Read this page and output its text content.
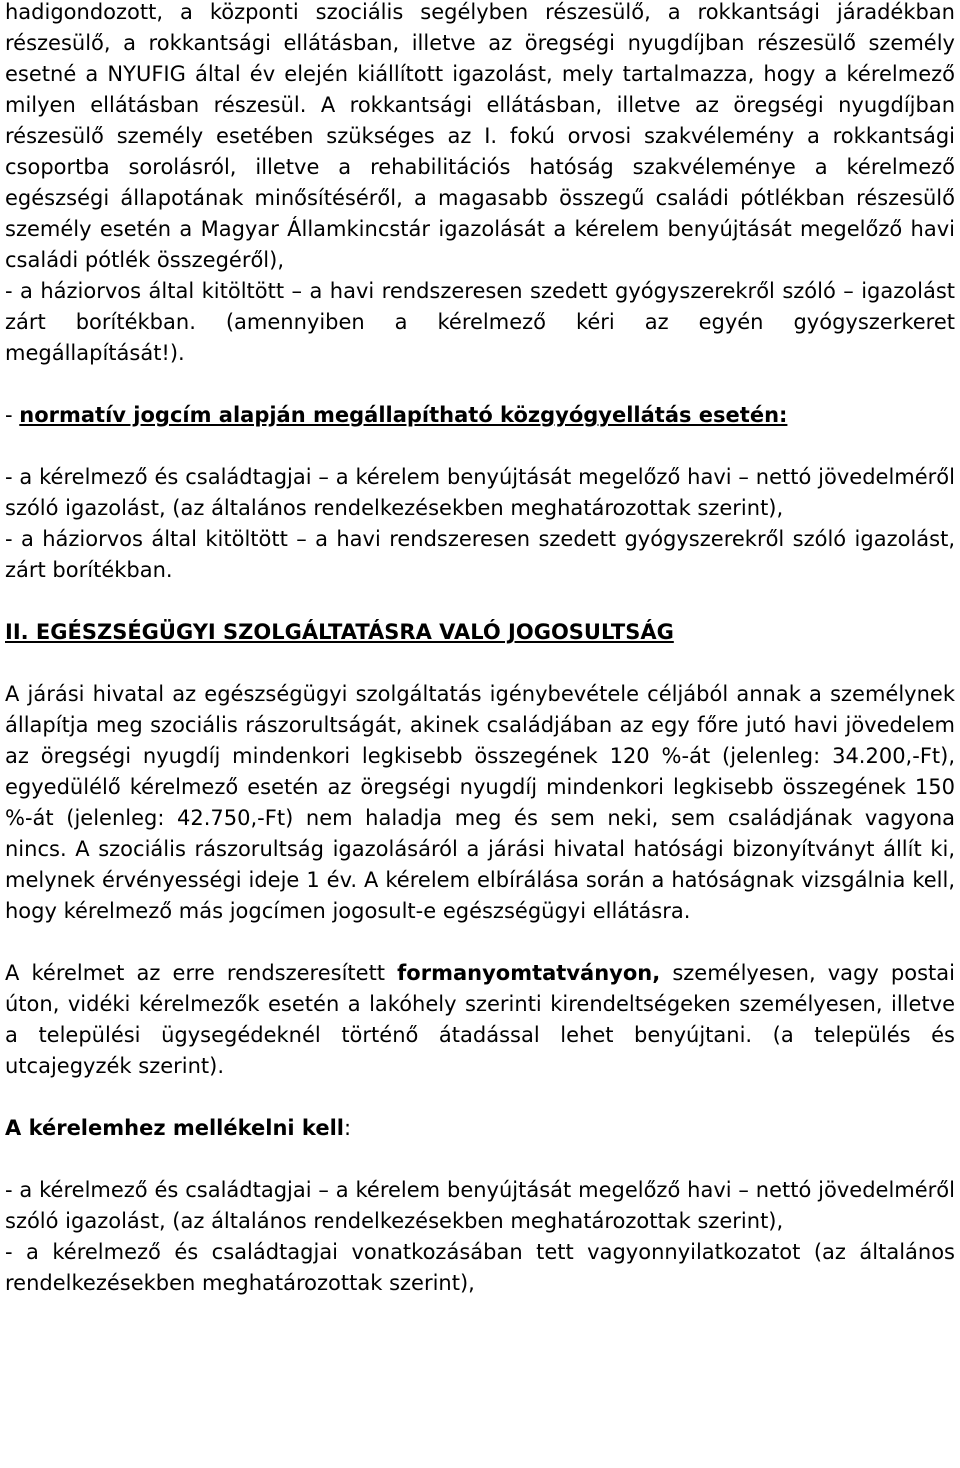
hadigondozott, a központi szociális segélyben részesülő, a rokkantsági járadékban részesülő, a rokkantsági ellátásban, illetve az öregségi nyugdíjban részesülő személy esetné a NYUFIG által év elején kiállított igazolást, mely tartalmazza, hogy a kérelmező milyen ellátásban részesül. A rokkantsági ellátásban, illetve az öregségi nyugdíjban részesülő személy esetében szükséges az I. fokú orvosi szakvélemény a rokkantsági csoportba sorolásról, illetve a rehabilitációs hatóság szakvéleménye a kérelmező egészségi állapotának minősítéséről, a magasabb összegű családi pótlékban részesülő személy esetén a Magyar Államkincstár igazolását a kérelem benyújtását megelőző havi családi pótlék összegéről),

- a háziorvos által kitöltött – a havi rendszeresen szedett gyógyszerekről szóló – igazolást zárt borítékban. (amennyiben a kérelmező kéri az egyén gyógyszerkeret megállapítását!).

- normatív jogcím alapján megállapítható közgyógyellátás esetén:

- a kérelmező és családtagjai – a kérelem benyújtását megelőző havi – nettó jövedelméről szóló igazolást, (az általános rendelkezésekben meghatározottak szerint),

- a háziorvos által kitöltött – a havi rendszeresen szedett gyógyszerekről szóló igazolást, zárt borítékban.

II. EGÉSZSÉGÜGYI SZOLGÁLTATÁSRA VALÓ JOGOSULTSÁG

A járási hivatal az egészségügyi szolgáltatás igénybevétele céljából annak a személynek állapítja meg szociális rászorultságát, akinek családjában az egy főre jutó havi jövedelem az öregségi nyugdíj mindenkori legkisebb összegének 120 %-át (jelenleg: 34.200,-Ft), egyedülélő kérelmező esetén az öregségi nyugdíj mindenkori legkisebb összegének 150 %-át (jelenleg: 42.750,-Ft) nem haladja meg és sem neki, sem családjának vagyona nincs. A szociális rászorultság igazolásáról a járási hivatal hatósági bizonyítványt állít ki, melynek érvényességi ideje 1 év. A kérelem elbírálása során a hatóságnak vizsgálnia kell, hogy kérelmező más jogcímen jogosult-e egészségügyi ellátásra.

A kérelmet az erre rendszeresített formanyomtatványon, személyesen, vagy postai úton, vidéki kérelmezők esetén a lakóhely szerinti kirendeltségeken személyesen, illetve a települési ügysegédeknél történő átadással lehet benyújtani. (a település és utcajegyzék szerint).

A kérelemhez mellékelni kell:

- a kérelmező és családtagjai – a kérelem benyújtását megelőző havi – nettó jövedelméről szóló igazolást, (az általános rendelkezésekben meghatározottak szerint),

- a kérelmező és családtagjai vonatkozásában tett vagyonnyilatkozatot (az általános rendelkezésekben meghatározottak szerint),
